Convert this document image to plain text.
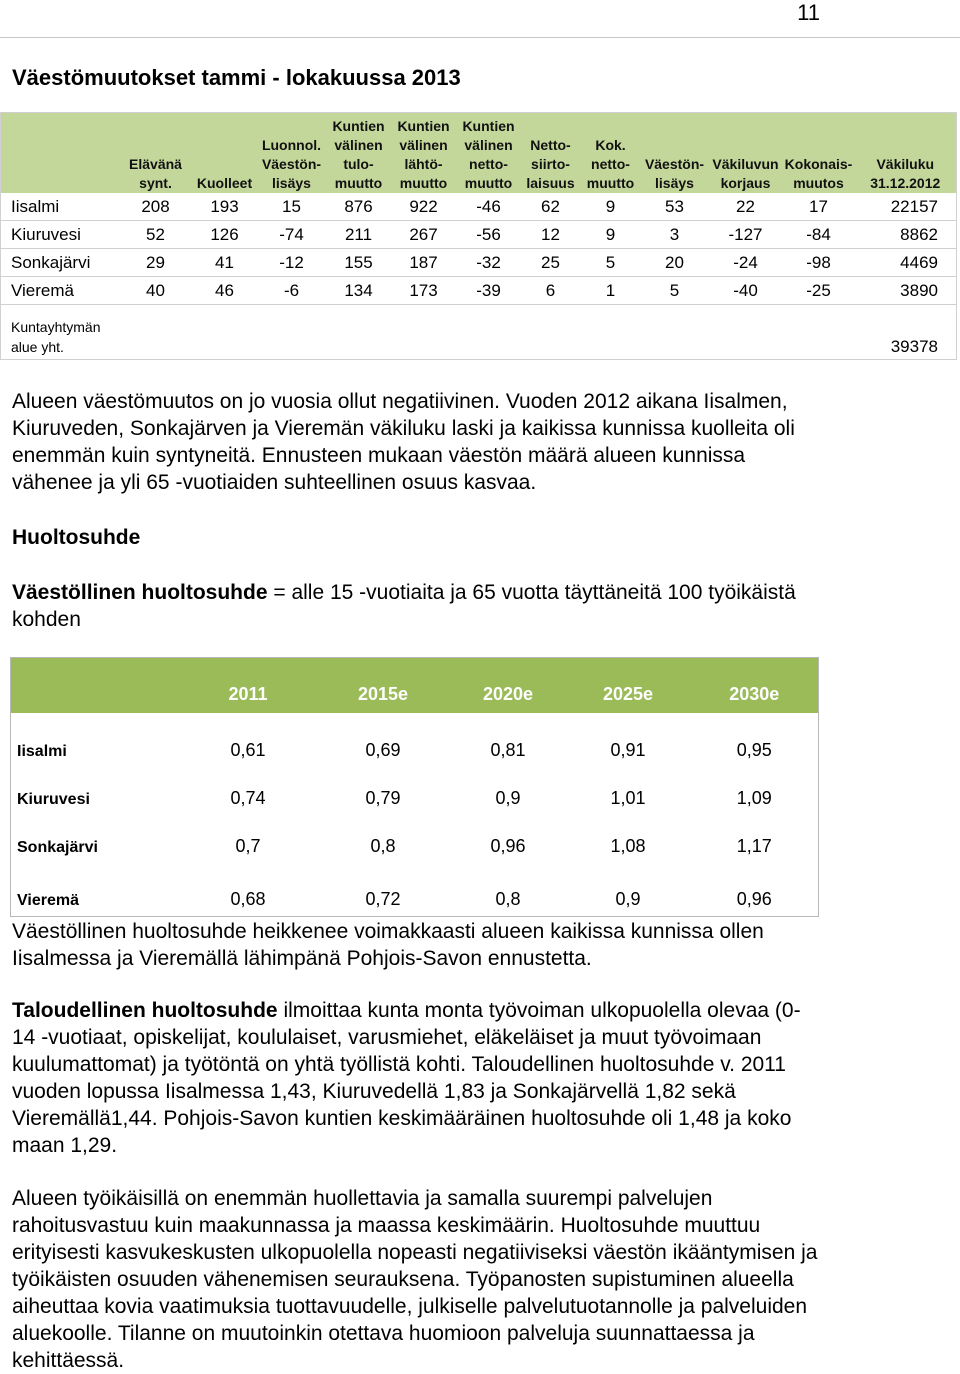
11
Väestömuutokset tammi - lokakuussa 2013
	Elävänä synt.	Kuolleet	Luonnol. Väestön-lisäys	Kuntien välinen tulo-muutto	Kuntien välinen lähtö-muutto	Kuntien välinen netto-muutto	Netto-siirto-laisuus	Kok. netto-muutto	Väestön-lisäys	Väkiluvun korjaus	Kokonais-muutos	Väkiluku 31.12.2012
Iisalmi	208	193	15	876	922	-46	62	9	53	22	17	22157
Kiuruvesi	52	126	-74	211	267	-56	12	9	3	-127	-84	8862
Sonkajärvi	29	41	-12	155	187	-32	25	5	20	-24	-98	4469
Vieremä	40	46	-6	134	173	-39	6	1	5	-40	-25	3890
Kuntayhtymän alue yht.												39378

Alueen väestömuutos on jo vuosia ollut negatiivinen. Vuoden 2012 aikana Iisalmen, Kiuruveden, Sonkajärven ja Vieremän väkiluku laski ja kaikissa kunnissa kuolleita oli enemmän kuin syntyneitä. Ennusteen mukaan väestön määrä alueen kunnissa vähenee ja yli 65 -vuotiaiden suhteellinen osuus kasvaa.

Huoltosuhde

Väestöllinen huoltosuhde = alle 15 -vuotiaita ja 65 vuotta täyttäneitä 100 työikäistä kohden

	2011	2015e	2020e	2025e	2030e
Iisalmi	0,61	0,69	0,81	0,91	0,95
Kiuruvesi	0,74	0,79	0,9	1,01	1,09
Sonkajärvi	0,7	0,8	0,96	1,08	1,17
Vieremä	0,68	0,72	0,8	0,9	0,96

Väestöllinen huoltosuhde heikkenee voimakkaasti alueen kaikissa kunnissa ollen Iisalmessa ja Vieremällä lähimpänä Pohjois-Savon ennustetta.

Taloudellinen huoltosuhde ilmoittaa kunta monta työvoiman ulkopuolella olevaa (0-14 -vuotiaat, opiskelijat, koululaiset, varusmiehet, eläkeläiset ja muut työvoimaan kuulumattomat) ja työtöntä on yhtä työllistä kohti. Taloudellinen huoltosuhde v. 2011 vuoden lopussa Iisalmessa 1,43, Kiuruvedellä 1,83 ja Sonkajärvellä 1,82 sekä Vieremällä1,44. Pohjois-Savon kuntien keskimääräinen huoltosuhde oli 1,48 ja koko maan 1,29.

Alueen työikäisillä on enemmän huollettavia ja samalla suurempi palvelujen rahoitusvastuu kuin maakunnassa ja maassa keskimäärin. Huoltosuhde muuttuu erityisesti kasvukeskusten ulkopuolella nopeasti negatiiviseksi väestön ikääntymisen ja työikäisten osuuden vähenemisen seurauksena. Työpanosten supistuminen alueella aiheuttaa kovia vaatimuksia tuottavuudelle, julkiselle palvelutuotannolle ja palveluiden aluekoolle. Tilanne on muutoinkin otettava huomioon palveluja suunnattaessa ja kehittäessä.
